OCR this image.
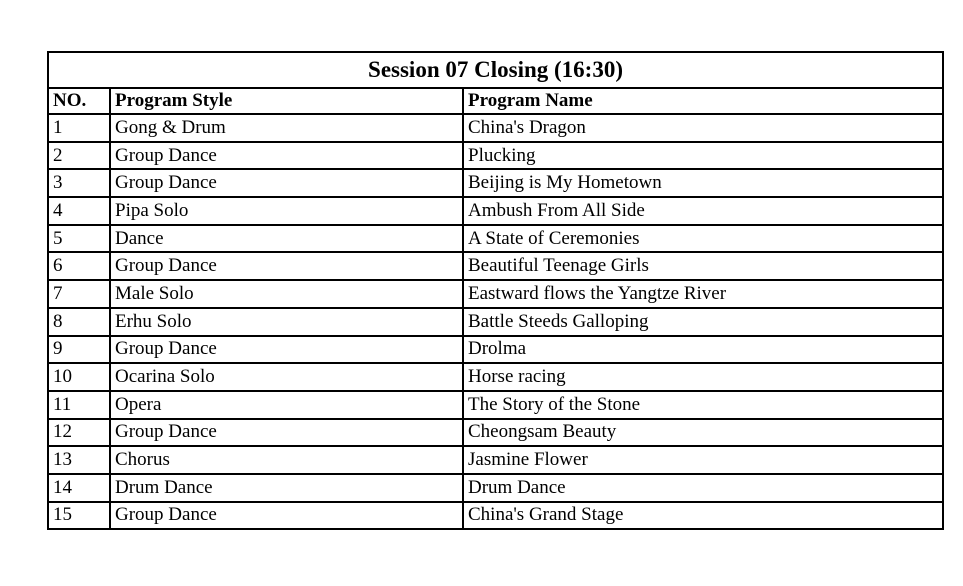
Session 07 Closing (16:30)		
NO.	Program Style	Program Name
1	Gong & Drum	China's Dragon
2	Group Dance	Plucking
3	Group Dance	Beijing is My Hometown
4	Pipa Solo	Ambush From All Side
5	Dance	A State of Ceremonies
6	Group Dance	Beautiful Teenage Girls
7	Male Solo	Eastward flows the Yangtze River
8	Erhu Solo	Battle Steeds Galloping
9	Group Dance	Drolma
10	Ocarina Solo	Horse racing
11	Opera	The Story of the Stone
12	Group Dance	Cheongsam Beauty
13	Chorus	Jasmine Flower
14	Drum Dance	Drum Dance
15	Group Dance	China's Grand Stage
